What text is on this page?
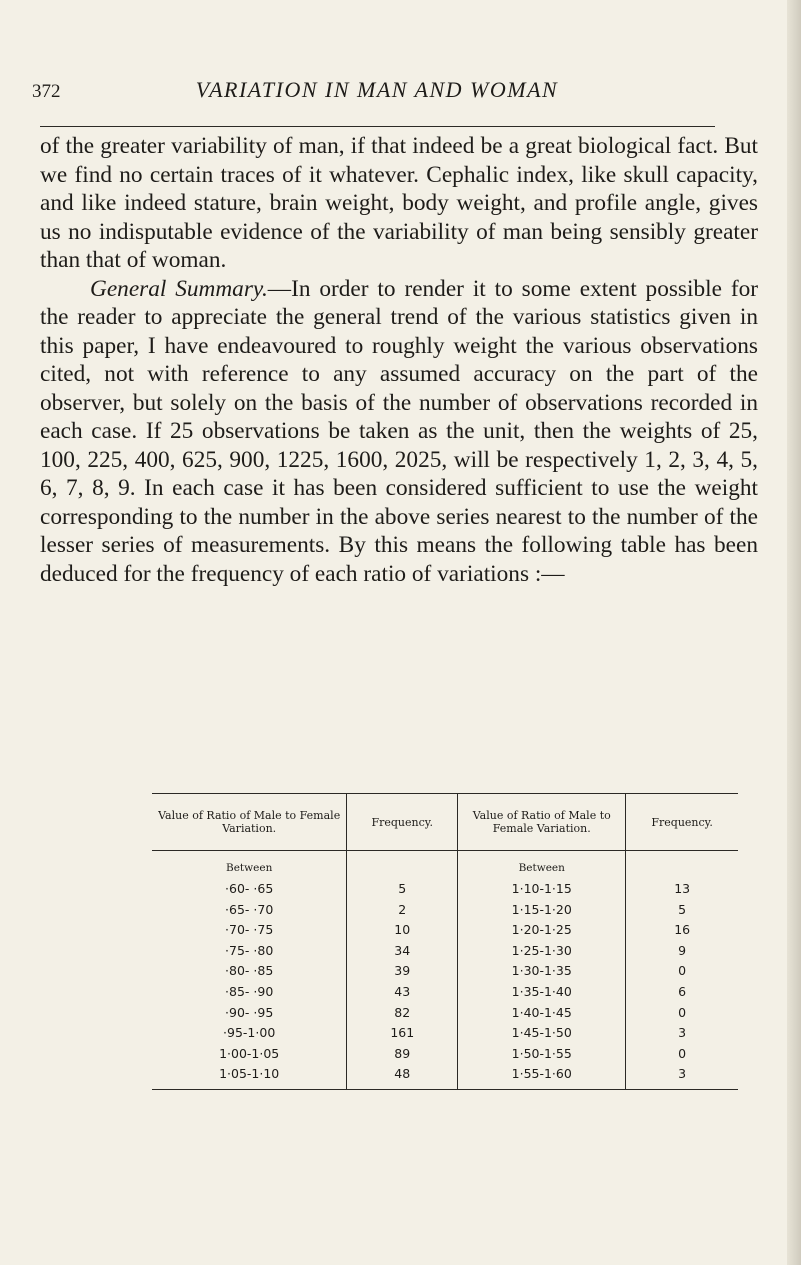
372	VARIATION IN MAN AND WOMAN

of the greater variability of man, if that indeed be a great biological fact. But we find no certain traces of it whatever. Cephalic index, like skull capacity, and like indeed stature, brain weight, body weight, and profile angle, gives us no indisputable evidence of the variability of man being sensibly greater than that of woman.

General Summary.—In order to render it to some extent possible for the reader to appreciate the general trend of the various statistics given in this paper, I have endeavoured to roughly weight the various observations cited, not with reference to any assumed accuracy on the part of the observer, but solely on the basis of the number of observations recorded in each case. If 25 observations be taken as the unit, then the weights of 25, 100, 225, 400, 625, 900, 1225, 1600, 2025, will be respectively 1, 2, 3, 4, 5, 6, 7, 8, 9. In each case it has been considered sufficient to use the weight corresponding to the number in the above series nearest to the number of the lesser series of measurements. By this means the following table has been deduced for the frequency of each ratio of variations :—

Value of Ratio of Male to Female Variation.	Frequency.	Value of Ratio of Male to Female Variation.	Frequency.
Between		Between	
·60- ·65	5	1·10-1·15	13
·65- ·70	2	1·15-1·20	5
·70- ·75	10	1·20-1·25	16
·75- ·80	34	1·25-1·30	9
·80- ·85	39	1·30-1·35	0
·85- ·90	43	1·35-1·40	6
·90- ·95	82	1·40-1·45	0
·95-1·00	161	1·45-1·50	3
1·00-1·05	89	1·50-1·55	0
1·05-1·10	48	1·55-1·60	3
